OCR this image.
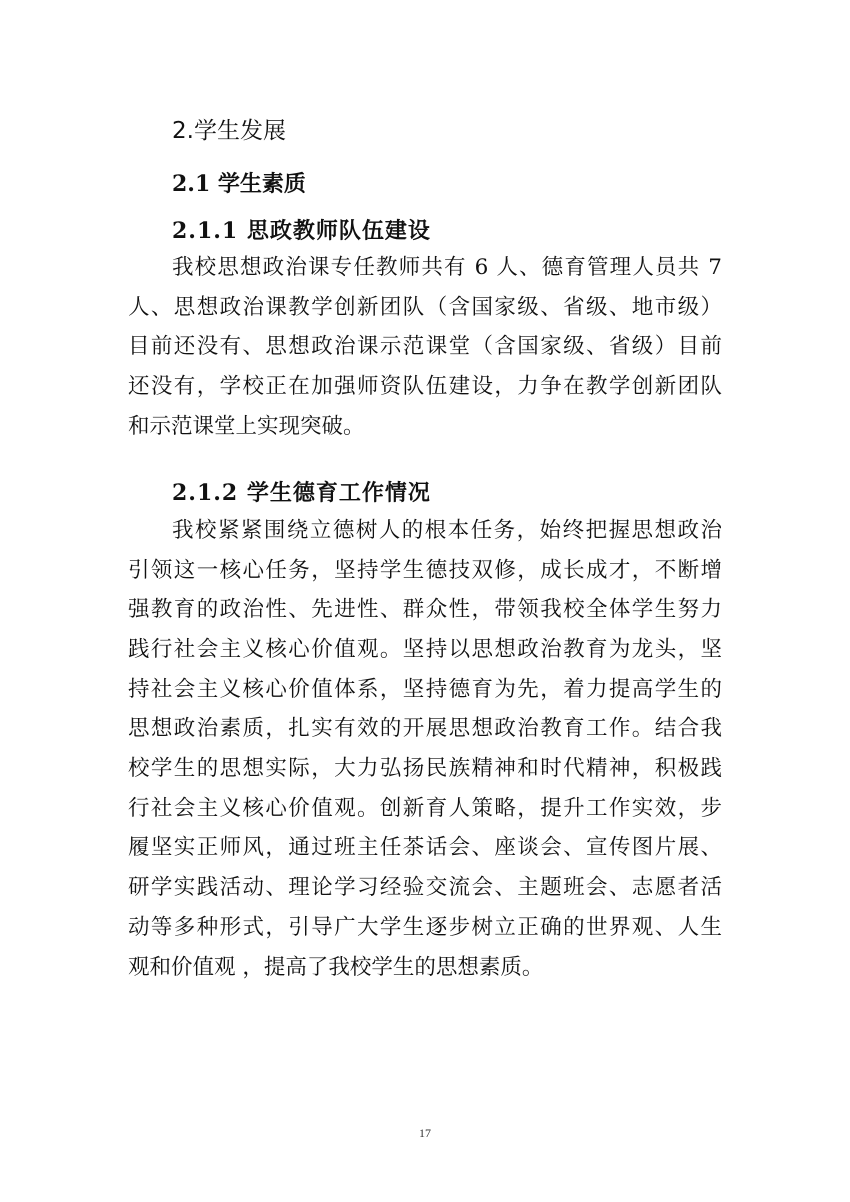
2.学生发展
2.1 学生素质
2.1.1 思政教师队伍建设
我校思想政治课专任教师共有 6 人、德育管理人员共 7
人、思想政治课教学创新团队（含国家级、省级、地市级）
目前还没有、思想政治课示范课堂（含国家级、省级）目前
还没有，学校正在加强师资队伍建设，力争在教学创新团队
和示范课堂上实现突破。
2.1.2 学生德育工作情况
我校紧紧围绕立德树人的根本任务，始终把握思想政治
引领这一核心任务，坚持学生德技双修，成长成才，不断增
强教育的政治性、先进性、群众性，带领我校全体学生努力
践行社会主义核心价值观。坚持以思想政治教育为龙头，坚
持社会主义核心价值体系，坚持德育为先，着力提高学生的
思想政治素质，扎实有效的开展思想政治教育工作。结合我
校学生的思想实际，大力弘扬民族精神和时代精神，积极践
行社会主义核心价值观。创新育人策略，提升工作实效，步
履坚实正师风，通过班主任茶话会、座谈会、宣传图片展、
研学实践活动、理论学习经验交流会、主题班会、志愿者活
动等多种形式，引导广大学生逐步树立正确的世界观、人生
观和价值观 ，提高了我校学生的思想素质。
17
